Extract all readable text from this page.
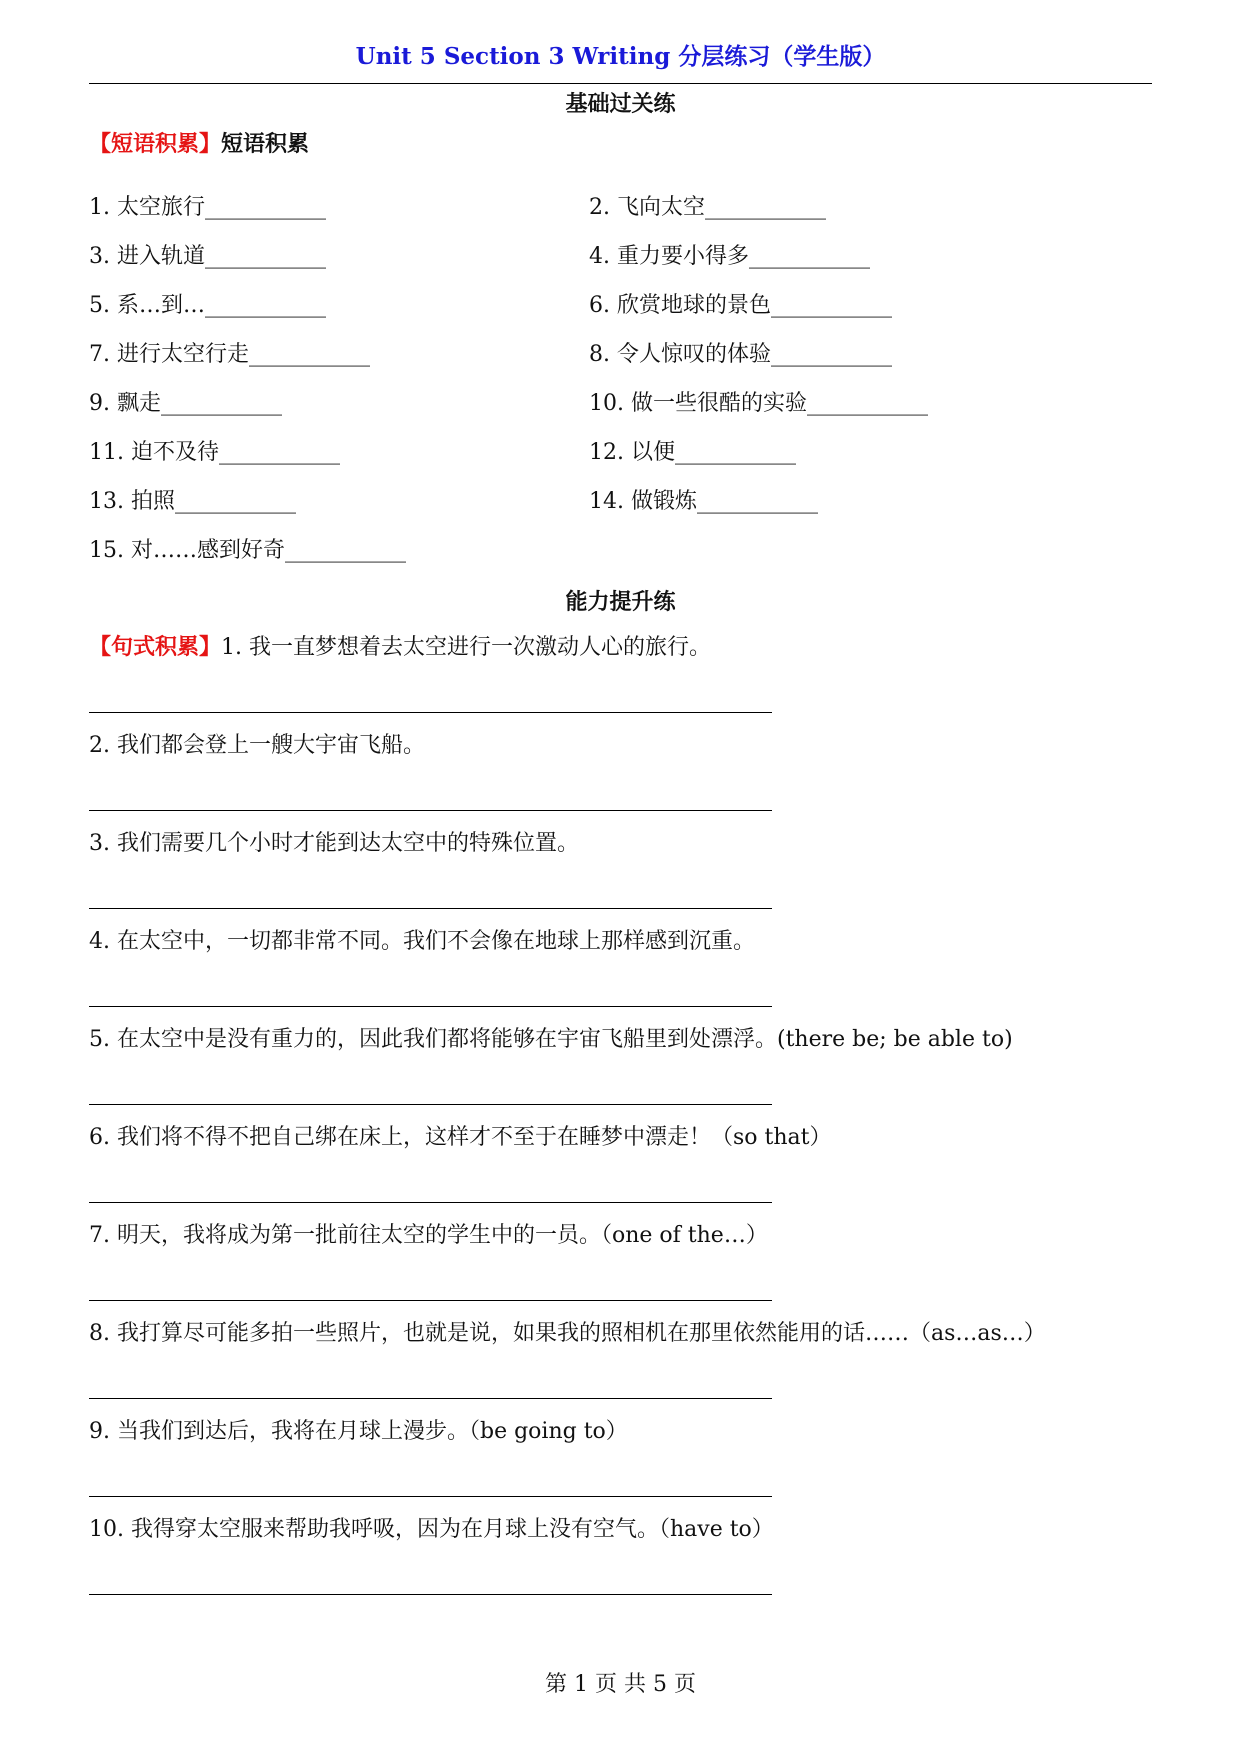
Unit 5 Section 3 Writing 分层练习（学生版）
基础过关练
【短语积累】短语积累
1. 太空旅行___________	2. 飞向太空___________
3. 进入轨道___________	4. 重力要小得多___________
5. 系…到…___________	6. 欣赏地球的景色___________
7. 进行太空行走___________	8. 令人惊叹的体验___________
9. 飘走___________	10. 做一些很酷的实验___________
11. 迫不及待___________	12. 以便___________
13. 拍照___________	14. 做锻炼___________
15. 对……感到好奇___________
能力提升练
【句式积累】1. 我一直梦想着去太空进行一次激动人心的旅行。
2. 我们都会登上一艘大宇宙飞船。
3. 我们需要几个小时才能到达太空中的特殊位置。
4. 在太空中，一切都非常不同。我们不会像在地球上那样感到沉重。
5. 在太空中是没有重力的，因此我们都将能够在宇宙飞船里到处漂浮。(there be; be able to)
6. 我们将不得不把自己绑在床上，这样才不至于在睡梦中漂走！（so that）
7. 明天，我将成为第一批前往太空的学生中的一员。（one of the…）
8. 我打算尽可能多拍一些照片，也就是说，如果我的照相机在那里依然能用的话……（as…as…）
9. 当我们到达后，我将在月球上漫步。（be going to）
10. 我得穿太空服来帮助我呼吸，因为在月球上没有空气。（have to）
第 1 页 共 5 页
